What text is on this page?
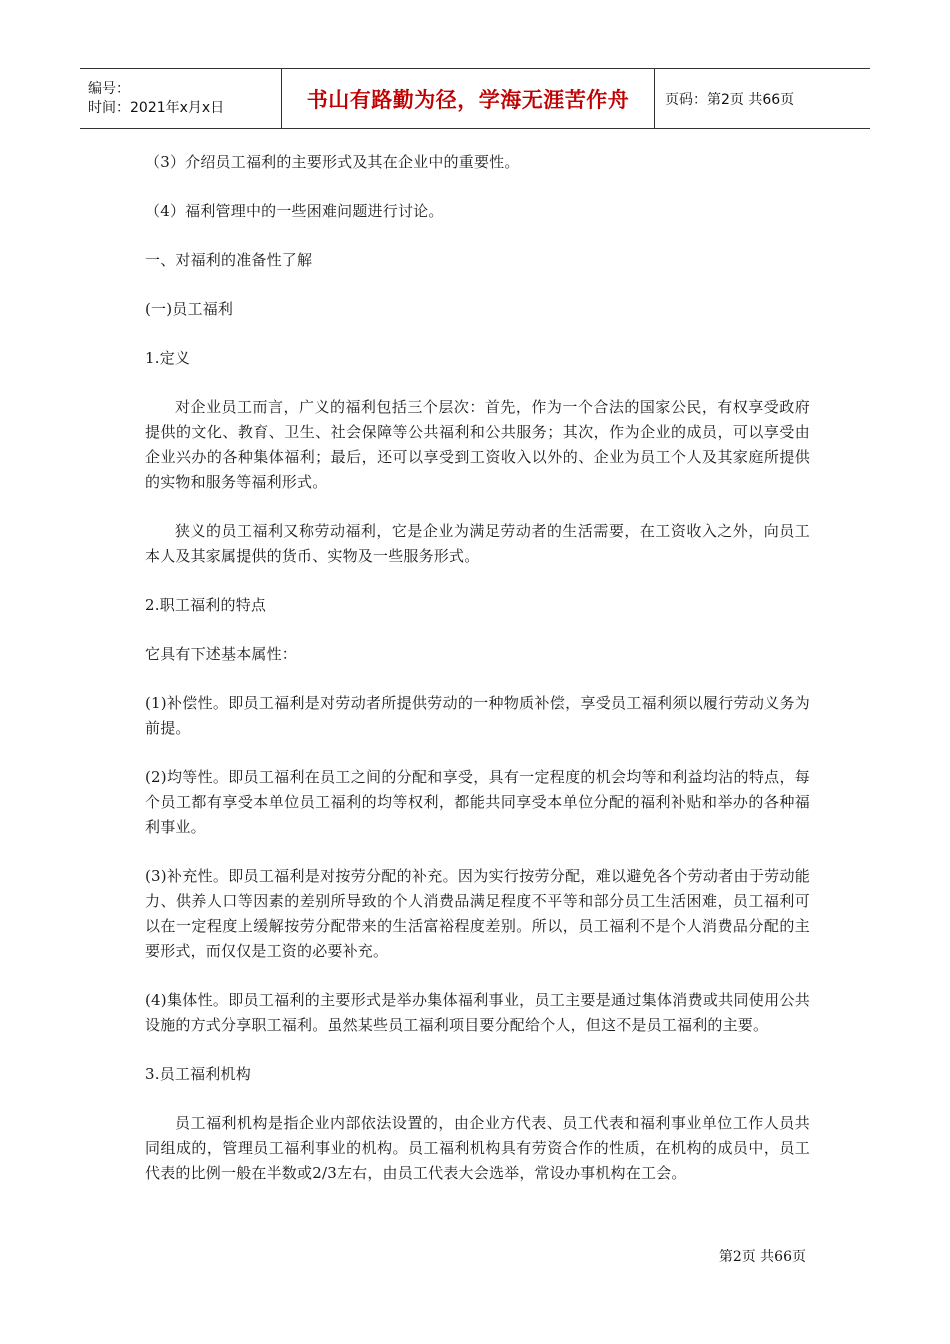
编号：
时间：2021年x月x日	书山有路勤为径，学海无涯苦作舟	页码：第2页 共66页

（3）介绍员工福利的主要形式及其在企业中的重要性。

（4）福利管理中的一些困难问题进行讨论。

一、对福利的准备性了解

(一)员工福利

1.定义

对企业员工而言，广义的福利包括三个层次：首先，作为一个合法的国家公民，有权享受政府提供的文化、教育、卫生、社会保障等公共福利和公共服务；其次，作为企业的成员，可以享受由企业兴办的各种集体福利；最后，还可以享受到工资收入以外的、企业为员工个人及其家庭所提供的实物和服务等福利形式。

狭义的员工福利又称劳动福利，它是企业为满足劳动者的生活需要，在工资收入之外，向员工本人及其家属提供的货币、实物及一些服务形式。

2.职工福利的特点

它具有下述基本属性：

(1)补偿性。即员工福利是对劳动者所提供劳动的一种物质补偿，享受员工福利须以履行劳动义务为前提。

(2)均等性。即员工福利在员工之间的分配和享受，具有一定程度的机会均等和利益均沾的特点，每个员工都有享受本单位员工福利的均等权利，都能共同享受本单位分配的福利补贴和举办的各种福利事业。

(3)补充性。即员工福利是对按劳分配的补充。因为实行按劳分配，难以避免各个劳动者由于劳动能力、供养人口等因素的差别所导致的个人消费品满足程度不平等和部分员工生活困难，员工福利可以在一定程度上缓解按劳分配带来的生活富裕程度差别。所以，员工福利不是个人消费品分配的主要形式，而仅仅是工资的必要补充。

(4)集体性。即员工福利的主要形式是举办集体福利事业，员工主要是通过集体消费或共同使用公共设施的方式分享职工福利。虽然某些员工福利项目要分配给个人，但这不是员工福利的主要。

3.员工福利机构

员工福利机构是指企业内部依法设置的，由企业方代表、员工代表和福利事业单位工作人员共同组成的，管理员工福利事业的机构。员工福利机构具有劳资合作的性质，在机构的成员中，员工代表的比例一般在半数或2/3左右，由员工代表大会选举，常设办事机构在工会。

第2页 共66页
